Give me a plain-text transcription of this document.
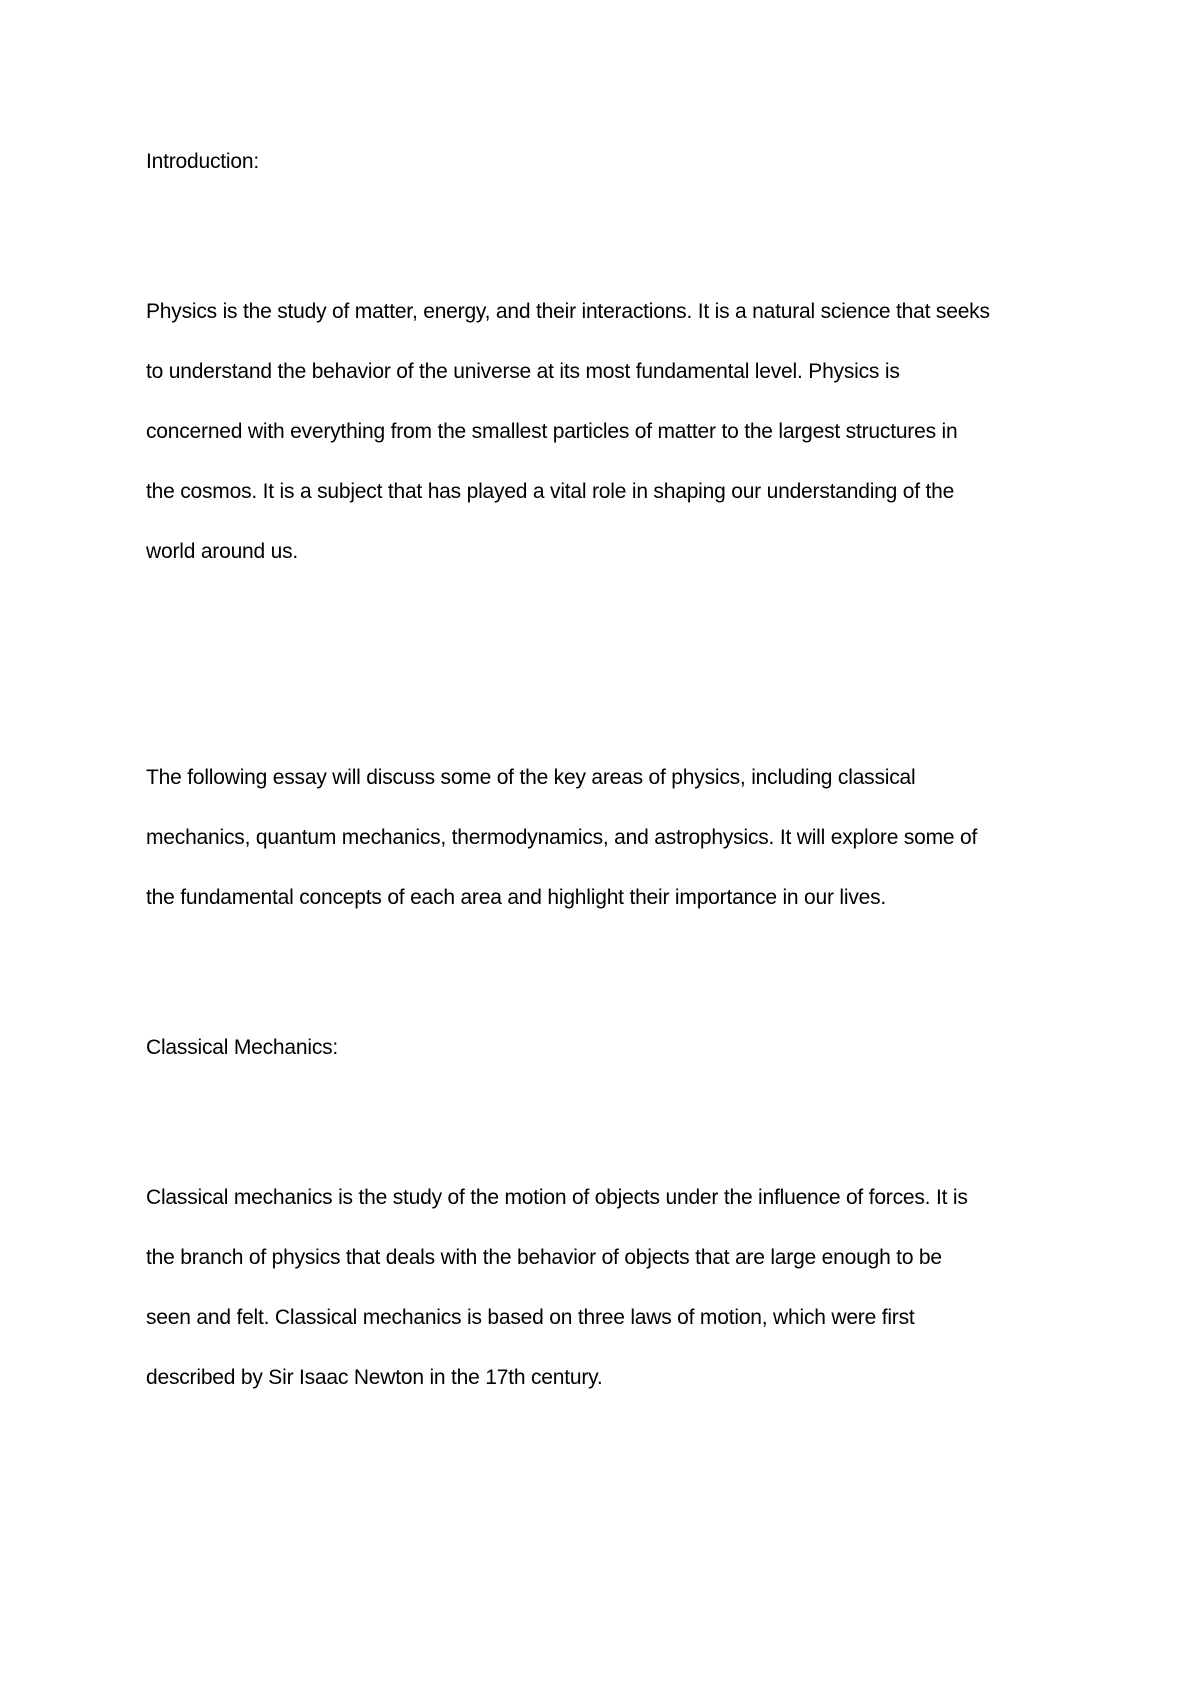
Introduction:

Physics is the study of matter, energy, and their interactions. It is a natural science that seeks
to understand the behavior of the universe at its most fundamental level. Physics is
concerned with everything from the smallest particles of matter to the largest structures in
the cosmos. It is a subject that has played a vital role in shaping our understanding of the
world around us.

The following essay will discuss some of the key areas of physics, including classical
mechanics, quantum mechanics, thermodynamics, and astrophysics. It will explore some of
the fundamental concepts of each area and highlight their importance in our lives.

Classical Mechanics:

Classical mechanics is the study of the motion of objects under the influence of forces. It is
the branch of physics that deals with the behavior of objects that are large enough to be
seen and felt. Classical mechanics is based on three laws of motion, which were first
described by Sir Isaac Newton in the 17th century.
